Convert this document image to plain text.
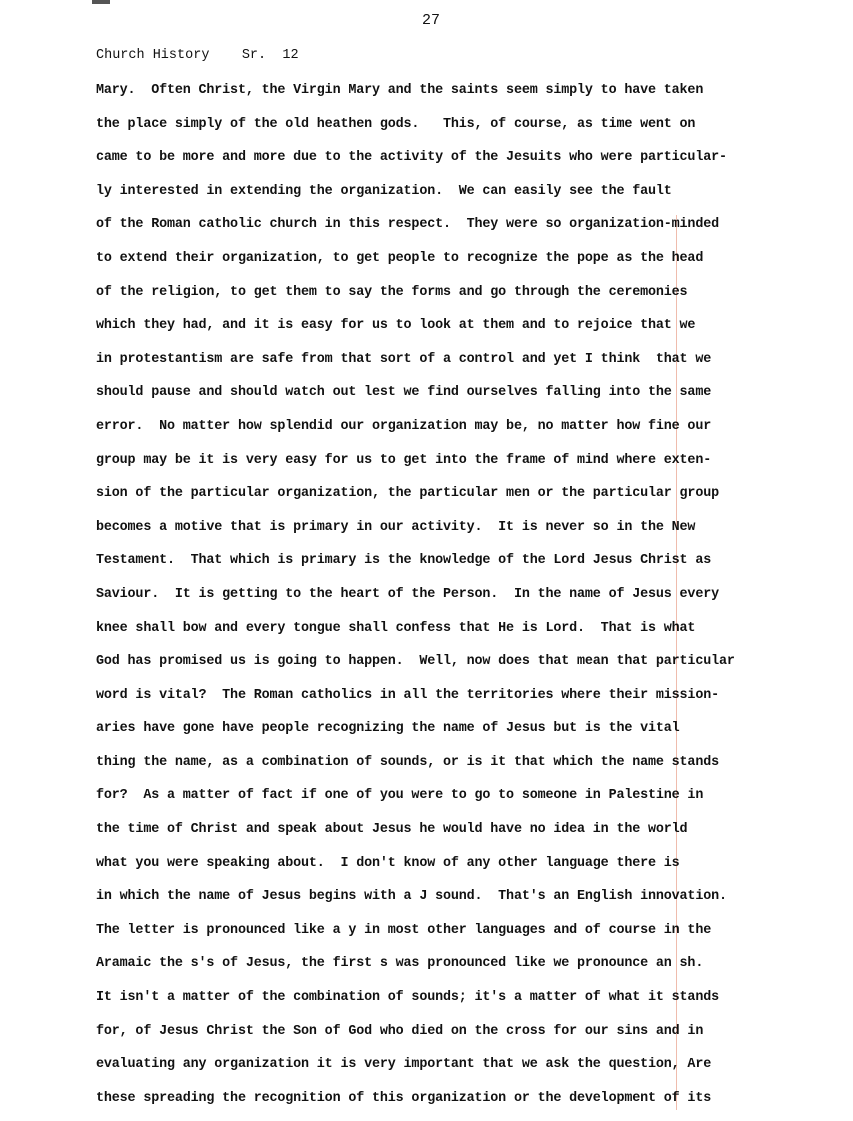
27
Church History Sr. 12
Mary.  Often Christ, the Virgin Mary and the saints seem simply to have taken
the place simply of the old heathen gods.   This, of course, as time went on
came to be more and more due to the activity of the Jesuits who were particular-
ly interested in extending the organization.  We can easily see the fault
of the Roman catholic church in this respect.  They were so organization-minded
to extend their organization, to get people to recognize the pope as the head
of the religion, to get them to say the forms and go through the ceremonies
which they had, and it is easy for us to look at them and to rejoice that we
in protestantism are safe from that sort of a control and yet I think  that we
should pause and should watch out lest we find ourselves falling into the same
error.  No matter how splendid our organization may be, no matter how fine our
group may be it is very easy for us to get into the frame of mind where exten-
sion of the particular organization, the particular men or the particular group
becomes a motive that is primary in our activity.  It is never so in the New
Testament.  That which is primary is the knowledge of the Lord Jesus Christ as
Saviour.  It is getting to the heart of the Person.  In the name of Jesus every
knee shall bow and every tongue shall confess that He is Lord.  That is what
God has promised us is going to happen.  Well, now does that mean that particular
word is vital?  The Roman catholics in all the territories where their mission-
aries have gone have people recognizing the name of Jesus but is the vital
thing the name, as a combination of sounds, or is it that which the name stands
for?  As a matter of fact if one of you were to go to someone in Palestine in
the time of Christ and speak about Jesus he would have no idea in the world
what you were speaking about.  I don't know of any other language there is
in which the name of Jesus begins with a J sound.  That's an English innovation.
The letter is pronounced like a y in most other languages and of course in the
Aramaic the s's of Jesus, the first s was pronounced like we pronounce an sh.
It isn't a matter of the combination of sounds; it's a matter of what it stands
for, of Jesus Christ the Son of God who died on the cross for our sins and in
evaluating any organization it is very important that we ask the question, Are
these spreading the recognition of this organization or the development of its
